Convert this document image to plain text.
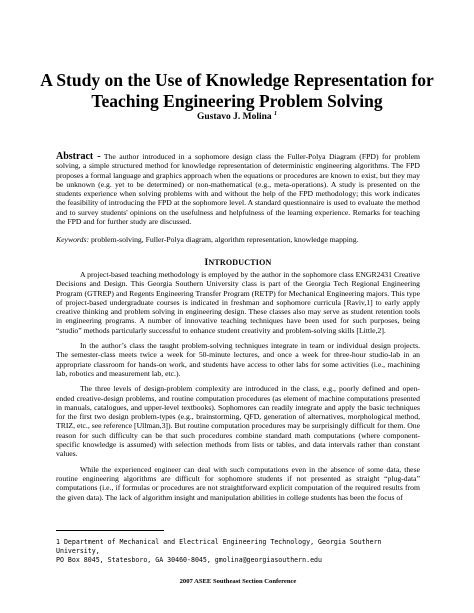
A Study on the Use of Knowledge Representation for
Teaching Engineering Problem Solving
Gustavo J. Molina $^1$
Abstract - The author introduced in a sophomore design class the Fuller-Polya Diagram (FPD) for problem solving, a simple structured method for knowledge representation of deterministic engineering algorithms. The FPD proposes a formal language and graphics approach when the equations or procedures are known to exist, but they may be unknown (e.g. yet to be determined) or non-mathematical (e.g., meta-operations). A study is presented on the students experience when solving problems with and without the help of the FPD methodology; this work indicates the feasibility of introducing the FPD at the sophomore level. A standard questionnaire is used to evaluate the method and to survey students' opinions on the usefulness and helpfulness of the learning experience. Remarks for teaching the FPD and for further study are discussed.
Keywords: problem-solving, Fuller-Polya diagram, algorithm representation, knowledge mapping.
INTRODUCTION

A project-based teaching methodology is employed by the author in the sophomore class ENGR2431 Creative Decisions and Design. This Georgia Southern University class is part of the Georgia Tech Regional Engineering Program (GTREP) and Regents Engineering Transfer Program (RETP) for Mechanical Engineering majors. This type of project-based undergraduate courses is indicated in freshman and sophomore curricula [Raviv,1] to early apply creative thinking and problem solving in engineering design. These classes also may serve as student retention tools in engineering programs. A number of innovative teaching techniques have been used for such purposes, being “studio” methods particularly successful to enhance student creativity and problem-solving skills [Little,2].

In the author’s class the taught problem-solving techniques integrate in team or individual design projects. The semester-class meets twice a week for 50-minute lectures, and once a week for three-hour studio-lab in an appropriate classroom for hands-on work, and students have access to other labs for some activities (i.e., machining lab, robotics and measurement lab, etc.).

The three levels of design-problem complexity are introduced in the class, e.g., poorly defined and open-ended creative-design problems, and routine computation procedures (as element of machine computations presented in manuals, catalogues, and upper-level textbooks). Sophomores can readily integrate and apply the basic techniques for the first two design problem-types (e.g., brainstorming, QFD, generation of alternatives, morphological method, TRIZ, etc., see reference [Ullman,3]). But routine computation procedures may be surprisingly difficult for them. One reason for such difficulty can be that such procedures combine standard math computations (where component-specific knowledge is assumed) with selection methods from lists or tables, and data intervals rather than constant values.

While the experienced engineer can deal with such computations even in the absence of some data, these routine engineering algorithms are difficult for sophomore students if not presented as straight “plug-data” computations (i.e., if formulas or procedures are not straightforward explicit computation of the required results from the given data). The lack of algorithm insight and manipulation abilities in college students has been the focus of

1 Department of Mechanical and Electrical Engineering Technology, Georgia Southern University,
PO Box 8045, Statesboro, GA 30460-8045, gmolina@georgiasouthern.edu
2007 ASEE Southeast Section Conference
